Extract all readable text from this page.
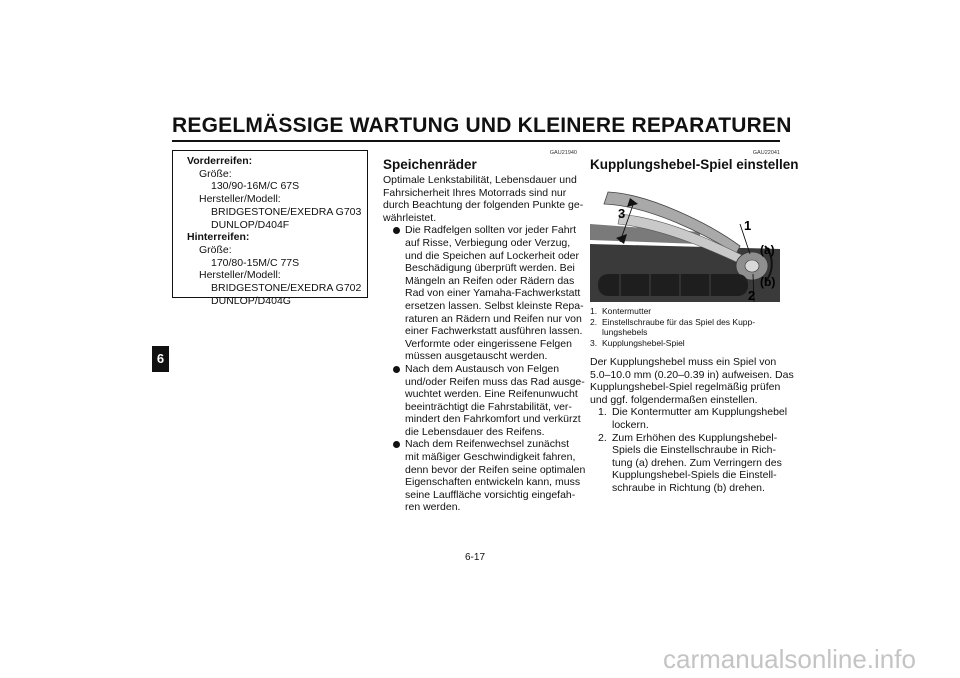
REGELMÄSSIGE WARTUNG UND KLEINERE REPARATUREN
6
Vorderreifen:
Größe:
130/90-16M/C 67S
Hersteller/Modell:
BRIDGESTONE/EXEDRA G703
DUNLOP/D404F
Hinterreifen:
Größe:
170/80-15M/C 77S
Hersteller/Modell:
BRIDGESTONE/EXEDRA G702
DUNLOP/D404G
GAU21940
Speichenräder
Optimale Lenkstabilität, Lebensdauer und
Fahrsicherheit Ihres Motorrads sind nur
durch Beachtung der folgenden Punkte ge-
währleistet.
Die Radfelgen sollten vor jeder Fahrt
auf Risse, Verbiegung oder Verzug,
und die Speichen auf Lockerheit oder
Beschädigung überprüft werden. Bei
Mängeln an Reifen oder Rädern das
Rad von einer Yamaha-Fachwerkstatt
ersetzen lassen. Selbst kleinste Repa-
raturen an Rädern und Reifen nur von
einer Fachwerkstatt ausführen lassen.
Verformte oder eingerissene Felgen
müssen ausgetauscht werden.
Nach dem Austausch von Felgen
und/oder Reifen muss das Rad ausge-
wuchtet werden. Eine Reifenunwucht
beeinträchtigt die Fahrstabilität, ver-
mindert den Fahrkomfort und verkürzt
die Lebensdauer des Reifens.
Nach dem Reifenwechsel zunächst
mit mäßiger Geschwindigkeit fahren,
denn bevor der Reifen seine optimalen
Eigenschaften entwickeln kann, muss
seine Lauffläche vorsichtig eingefah-
ren werden.
GAU22041
Kupplungshebel-Spiel einstellen
3
1
(a)
(b)
2
1. Kontermutter
2. Einstellschraube für das Spiel des Kupp-
lungshebels
3. Kupplungshebel-Spiel
Der Kupplungshebel muss ein Spiel von
5.0–10.0 mm (0.20–0.39 in) aufweisen. Das
Kupplungshebel-Spiel regelmäßig prüfen
und ggf. folgendermaßen einstellen.
1. Die Kontermutter am Kupplungshebel
lockern.
2. Zum Erhöhen des Kupplungshebel-
Spiels die Einstellschraube in Rich-
tung (a) drehen. Zum Verringern des
Kupplungshebel-Spiels die Einstell-
schraube in Richtung (b) drehen.
6-17
carmanualsonline.info
